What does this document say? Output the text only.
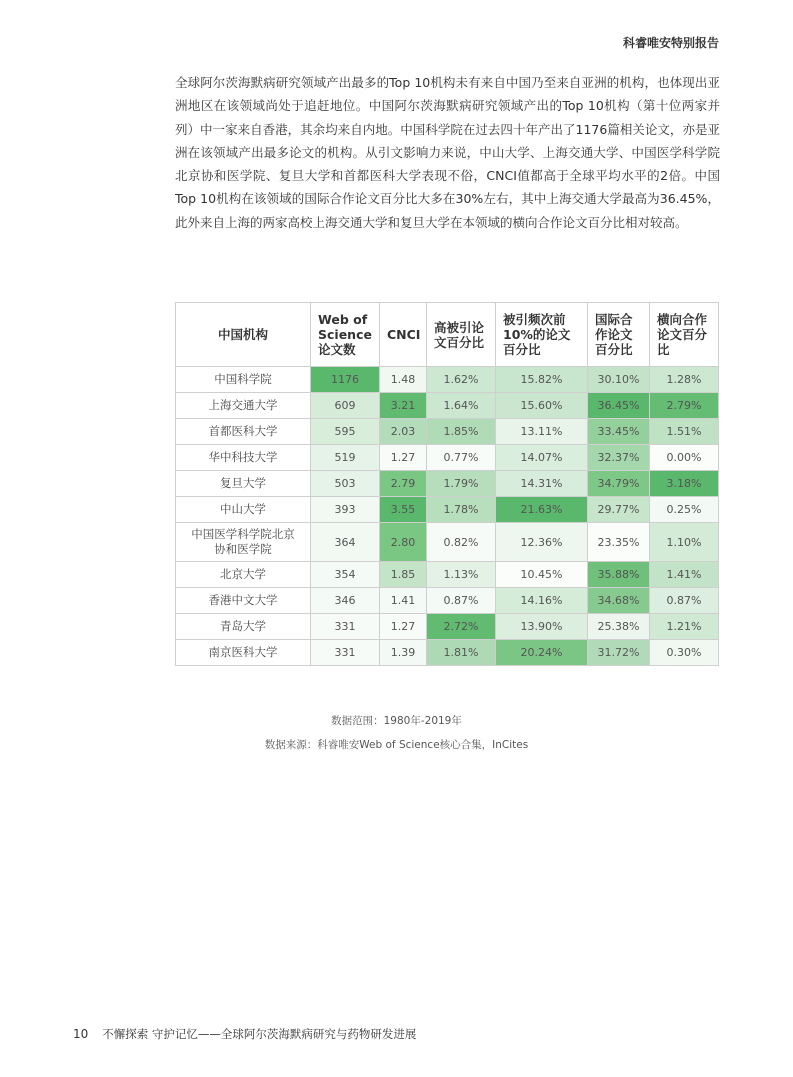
科睿唯安特别报告

全球阿尔茨海默病研究领域产出最多的Top 10机构未有来自中国乃至来自亚洲的机构，也体现出亚洲地区在该领域尚处于追赶地位。中国阿尔茨海默病研究领域产出的Top 10机构（第十位两家并列）中一家来自香港，其余均来自内地。中国科学院在过去四十年产出了1176篇相关论文，亦是亚洲在该领域产出最多论文的机构。从引文影响力来说，中山大学、上海交通大学、中国医学科学院北京协和医学院、复旦大学和首都医科大学表现不俗，CNCI值都高于全球平均水平的2倍。中国Top 10机构在该领域的国际合作论文百分比大多在30%左右，其中上海交通大学最高为36.45%，此外来自上海的两家高校上海交通大学和复旦大学在本领域的横向合作论文百分比相对较高。

中国机构	Web of Science 论文数	CNCI	高被引论文百分比	被引频次前10%的论文百分比	国际合作论文百分比	横向合作论文百分比
中国科学院	1176	1.48	1.62%	15.82%	30.10%	1.28%
上海交通大学	609	3.21	1.64%	15.60%	36.45%	2.79%
首都医科大学	595	2.03	1.85%	13.11%	33.45%	1.51%
华中科技大学	519	1.27	0.77%	14.07%	32.37%	0.00%
复旦大学	503	2.79	1.79%	14.31%	34.79%	3.18%
中山大学	393	3.55	1.78%	21.63%	29.77%	0.25%
中国医学科学院北京协和医学院	364	2.80	0.82%	12.36%	23.35%	1.10%
北京大学	354	1.85	1.13%	10.45%	35.88%	1.41%
香港中文大学	346	1.41	0.87%	14.16%	34.68%	0.87%
青岛大学	331	1.27	2.72%	13.90%	25.38%	1.21%
南京医科大学	331	1.39	1.81%	20.24%	31.72%	0.30%
数据范围：1980年-2019年
数据来源：科睿唯安Web of Science核心合集，InCites
10 不懈探索 守护记忆——全球阿尔茨海默病研究与药物研发进展
